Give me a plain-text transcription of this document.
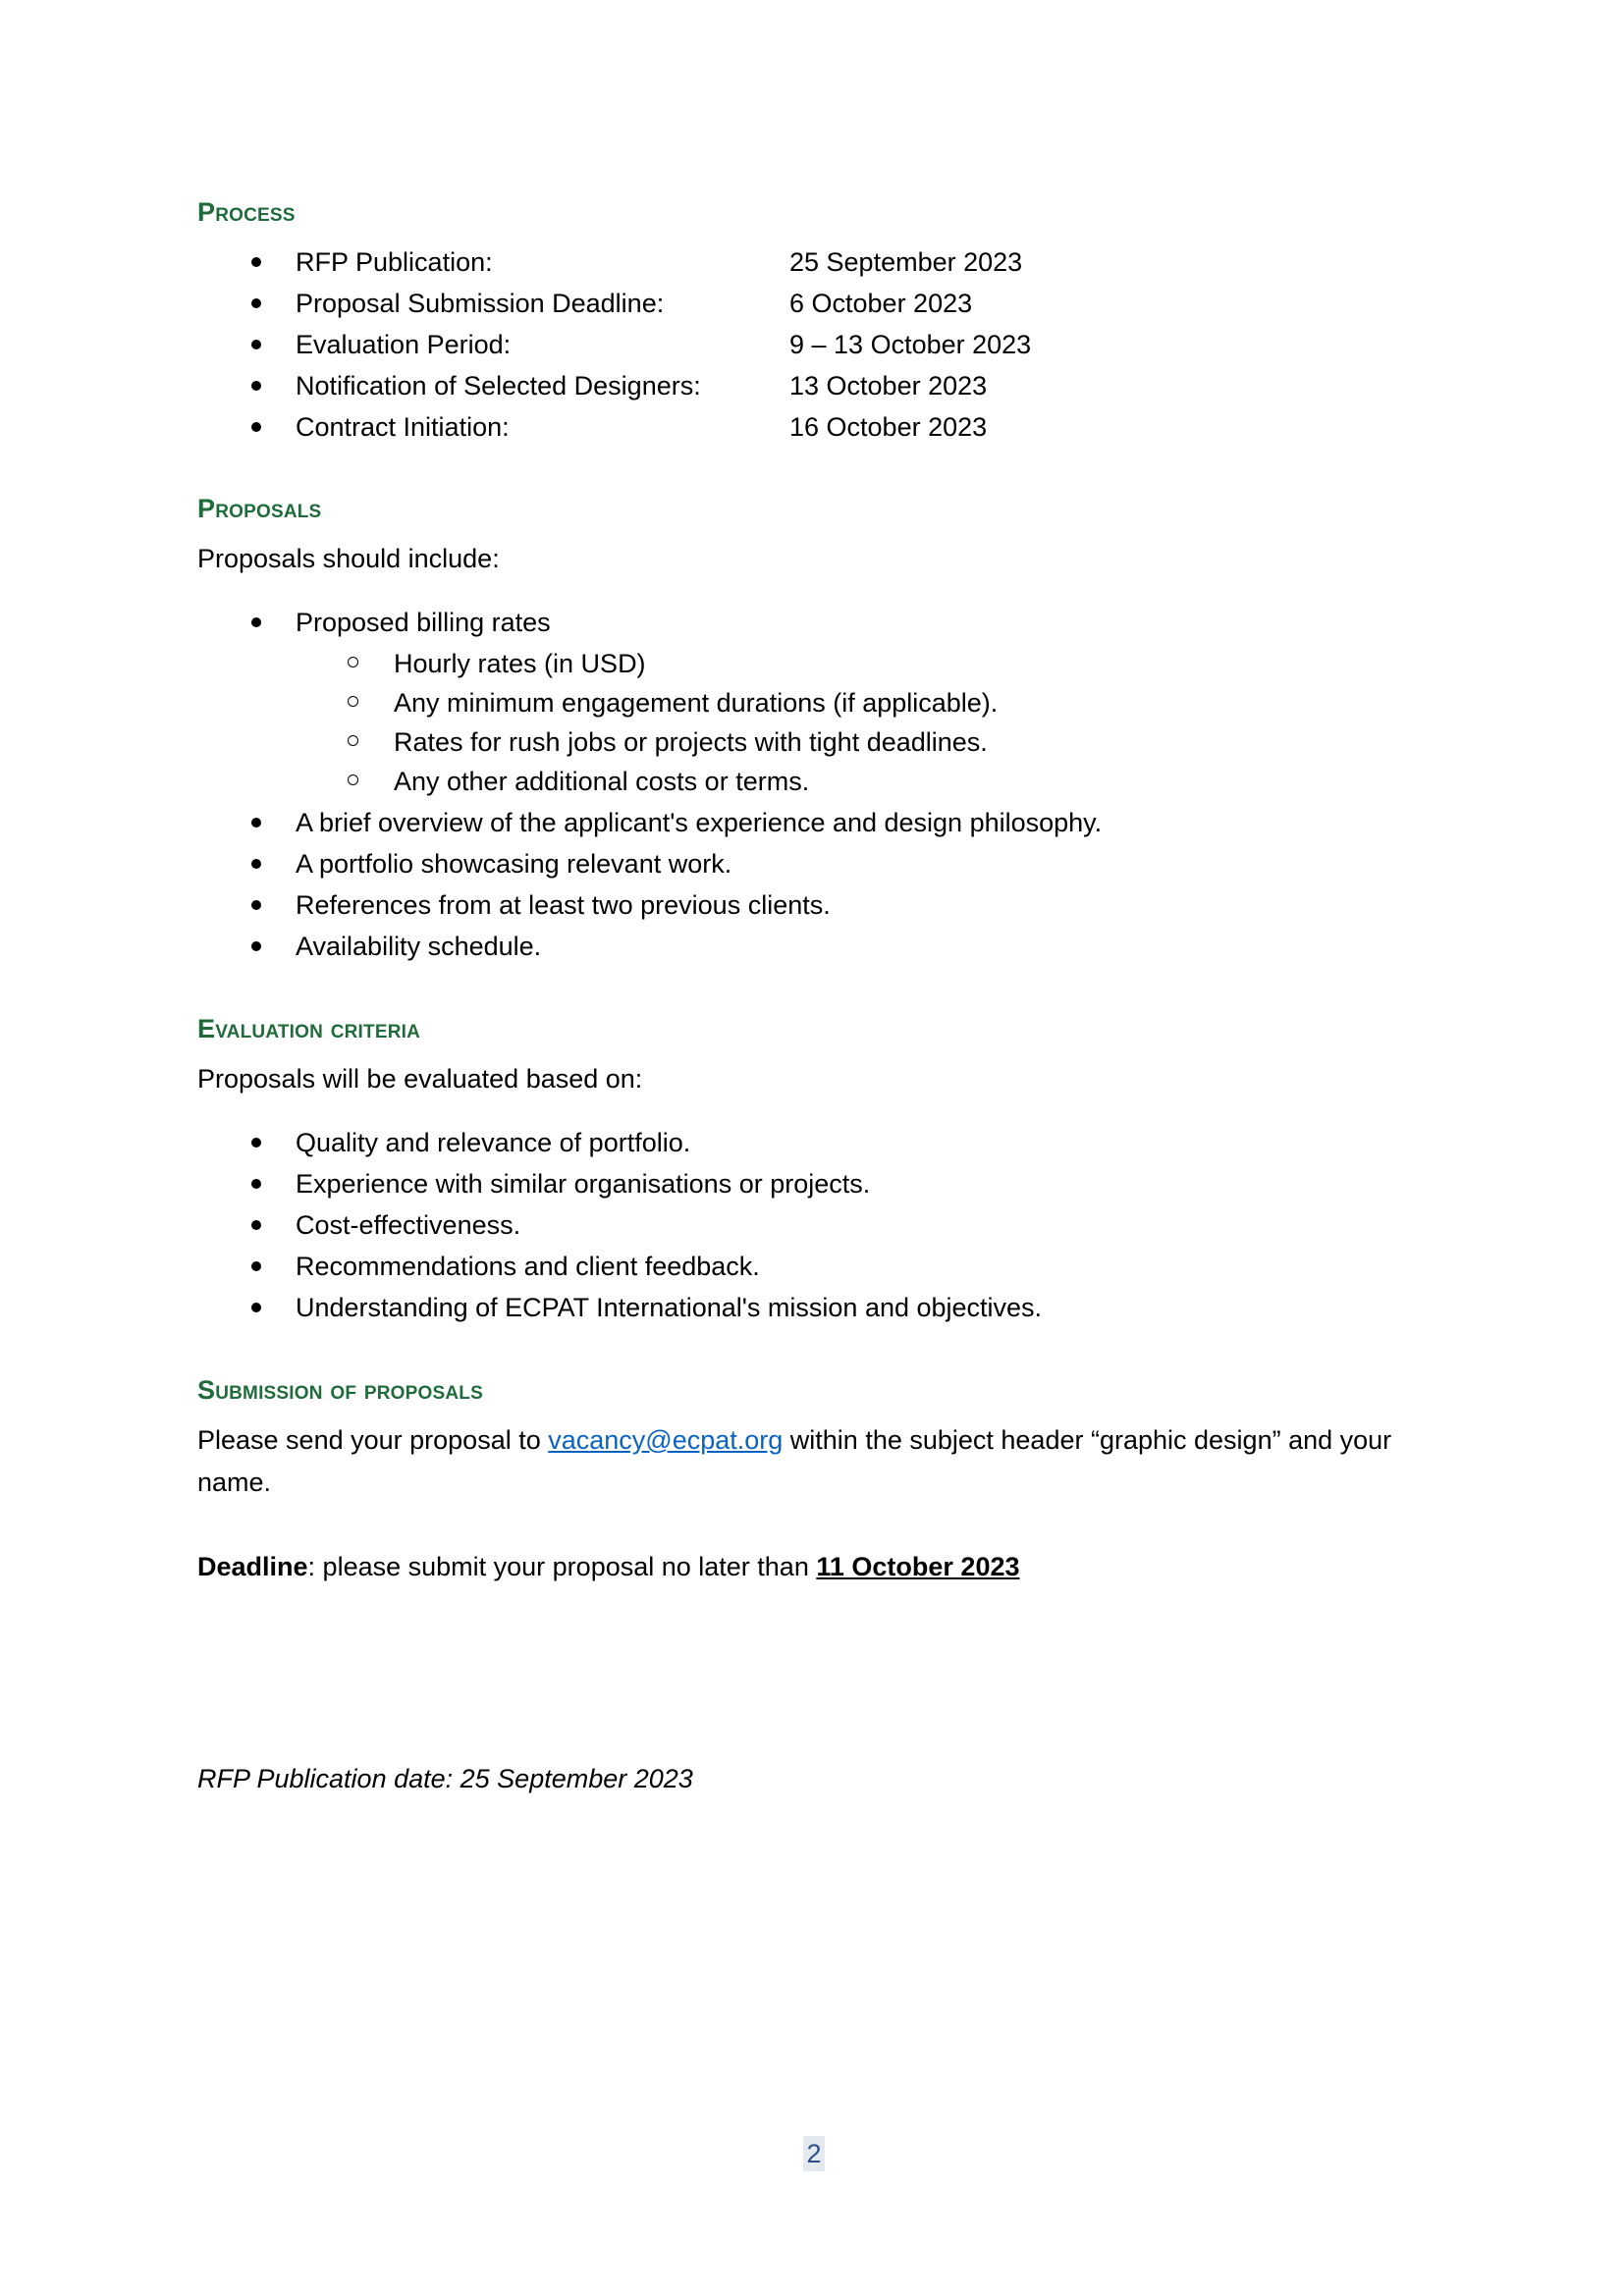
Process
RFP Publication:	25 September 2023
Proposal Submission Deadline:	6 October 2023
Evaluation Period:	9 – 13 October 2023
Notification of Selected Designers:	13 October 2023
Contract Initiation:	16 October 2023
Proposals
Proposals should include:
Proposed billing rates
Hourly rates (in USD)
Any minimum engagement durations (if applicable).
Rates for rush jobs or projects with tight deadlines.
Any other additional costs or terms.
A brief overview of the applicant's experience and design philosophy.
A portfolio showcasing relevant work.
References from at least two previous clients.
Availability schedule.
Evaluation criteria
Proposals will be evaluated based on:
Quality and relevance of portfolio.
Experience with similar organisations or projects.
Cost-effectiveness.
Recommendations and client feedback.
Understanding of ECPAT International's mission and objectives.
Submission of proposals
Please send your proposal to vacancy@ecpat.org within the subject header “graphic design” and your
name.
Deadline: please submit your proposal no later than 11 October 2023
RFP Publication date: 25 September 2023
2
